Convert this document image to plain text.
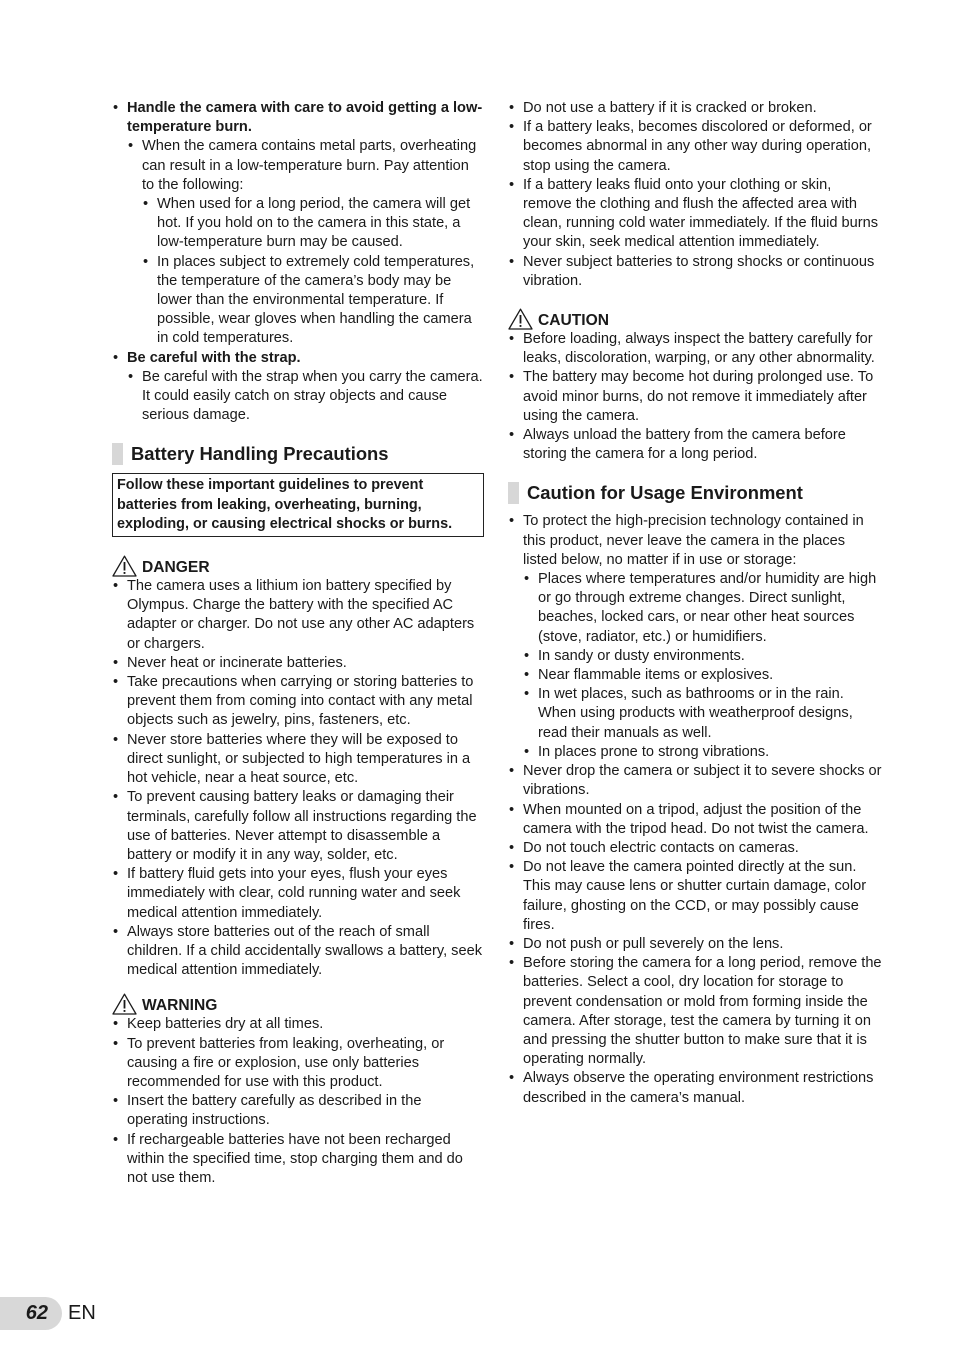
• Handle the camera with care to avoid getting a low-temperature burn.
• When the camera contains metal parts, overheating can result in a low-temperature burn. Pay attention to the following:
• When used for a long period, the camera will get hot. If you hold on to the camera in this state, a low-temperature burn may be caused.
• In places subject to extremely cold temperatures, the temperature of the camera’s body may be lower than the environmental temperature. If possible, wear gloves when handling the camera in cold temperatures.
• Be careful with the strap.
• Be careful with the strap when you carry the camera. It could easily catch on stray objects and cause serious damage.
Battery Handling Precautions
Follow these important guidelines to prevent batteries from leaking, overheating, burning, exploding, or causing electrical shocks or burns.
DANGER
• The camera uses a lithium ion battery specified by Olympus. Charge the battery with the specified AC adapter or charger. Do not use any other AC adapters or chargers.
• Never heat or incinerate batteries.
• Take precautions when carrying or storing batteries to prevent them from coming into contact with any metal objects such as jewelry, pins, fasteners, etc.
• Never store batteries where they will be exposed to direct sunlight, or subjected to high temperatures in a hot vehicle, near a heat source, etc.
• To prevent causing battery leaks or damaging their terminals, carefully follow all instructions regarding the use of batteries. Never attempt to disassemble a battery or modify it in any way, solder, etc.
• If battery fluid gets into your eyes, flush your eyes immediately with clear, cold running water and seek medical attention immediately.
• Always store batteries out of the reach of small children. If a child accidentally swallows a battery, seek medical attention immediately.
WARNING
• Keep batteries dry at all times.
• To prevent batteries from leaking, overheating, or causing a fire or explosion, use only batteries recommended for use with this product.
• Insert the battery carefully as described in the operating instructions.
• If rechargeable batteries have not been recharged within the specified time, stop charging them and do not use them.
• Do not use a battery if it is cracked or broken.
• If a battery leaks, becomes discolored or deformed, or becomes abnormal in any other way during operation, stop using the camera.
• If a battery leaks fluid onto your clothing or skin, remove the clothing and flush the affected area with clean, running cold water immediately. If the fluid burns your skin, seek medical attention immediately.
• Never subject batteries to strong shocks or continuous vibration.
CAUTION
• Before loading, always inspect the battery carefully for leaks, discoloration, warping, or any other abnormality.
• The battery may become hot during prolonged use. To avoid minor burns, do not remove it immediately after using the camera.
• Always unload the battery from the camera before storing the camera for a long period.
Caution for Usage Environment
• To protect the high-precision technology contained in this product, never leave the camera in the places listed below, no matter if in use or storage:
• Places where temperatures and/or humidity are high or go through extreme changes. Direct sunlight, beaches, locked cars, or near other heat sources (stove, radiator, etc.) or humidifiers.
• In sandy or dusty environments.
• Near flammable items or explosives.
• In wet places, such as bathrooms or in the rain. When using products with weatherproof designs, read their manuals as well.
• In places prone to strong vibrations.
• Never drop the camera or subject it to severe shocks or vibrations.
• When mounted on a tripod, adjust the position of the camera with the tripod head. Do not twist the camera.
• Do not touch electric contacts on cameras.
• Do not leave the camera pointed directly at the sun. This may cause lens or shutter curtain damage, color failure, ghosting on the CCD, or may possibly cause fires.
• Do not push or pull severely on the lens.
• Before storing the camera for a long period, remove the batteries. Select a cool, dry location for storage to prevent condensation or mold from forming inside the camera. After storage, test the camera by turning it on and pressing the shutter button to make sure that it is operating normally.
• Always observe the operating environment restrictions described in the camera’s manual.
62	EN
